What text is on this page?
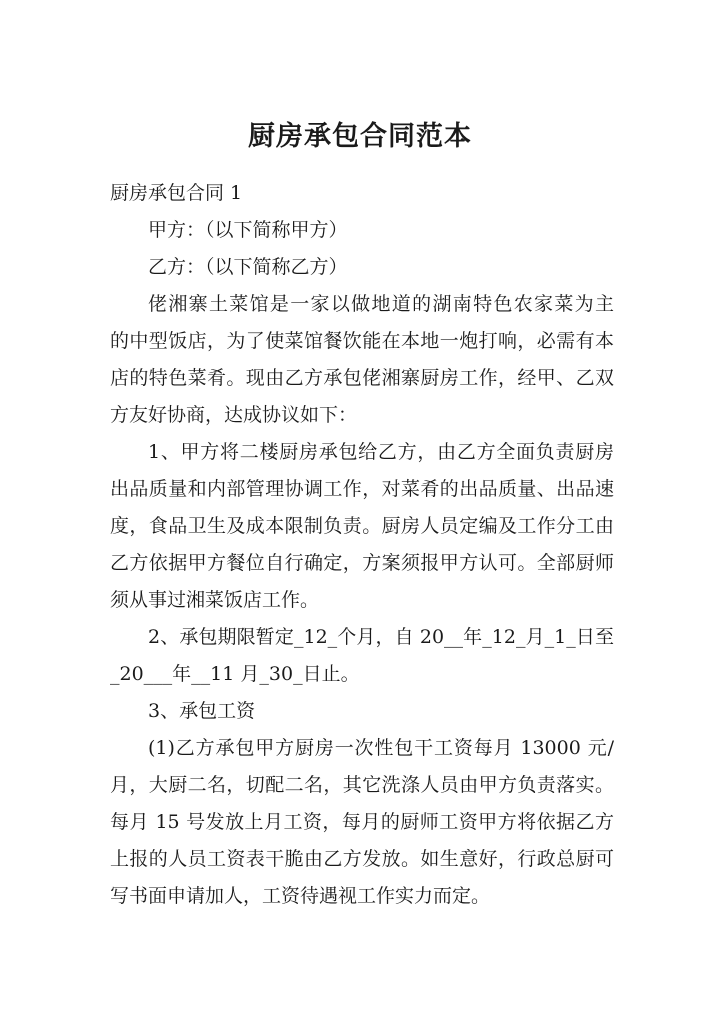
厨房承包合同范本

厨房承包合同 1

甲方：（以下简称甲方）

乙方：（以下简称乙方）

佬湘寨土菜馆是一家以做地道的湖南特色农家菜为主

的中型饭店，为了使菜馆餐饮能在本地一炮打响，必需有本

店的特色菜肴。现由乙方承包佬湘寨厨房工作，经甲、乙双

方友好协商，达成协议如下：

1、甲方将二楼厨房承包给乙方，由乙方全面负责厨房

出品质量和内部管理协调工作，对菜肴的出品质量、出品速

度，食品卫生及成本限制负责。厨房人员定编及工作分工由

乙方依据甲方餐位自行确定，方案须报甲方认可。全部厨师

须从事过湘菜饭店工作。

2、承包期限暂定_12_个月，自 20__年_12_月_1_日至

_20___年__11 月_30_日止。

3、承包工资

(1)乙方承包甲方厨房一次性包干工资每月 13000 元/

月，大厨二名，切配二名，其它洗涤人员由甲方负责落实。

每月 15 号发放上月工资，每月的厨师工资甲方将依据乙方

上报的人员工资表干脆由乙方发放。如生意好，行政总厨可

写书面申请加人，工资待遇视工作实力而定。
